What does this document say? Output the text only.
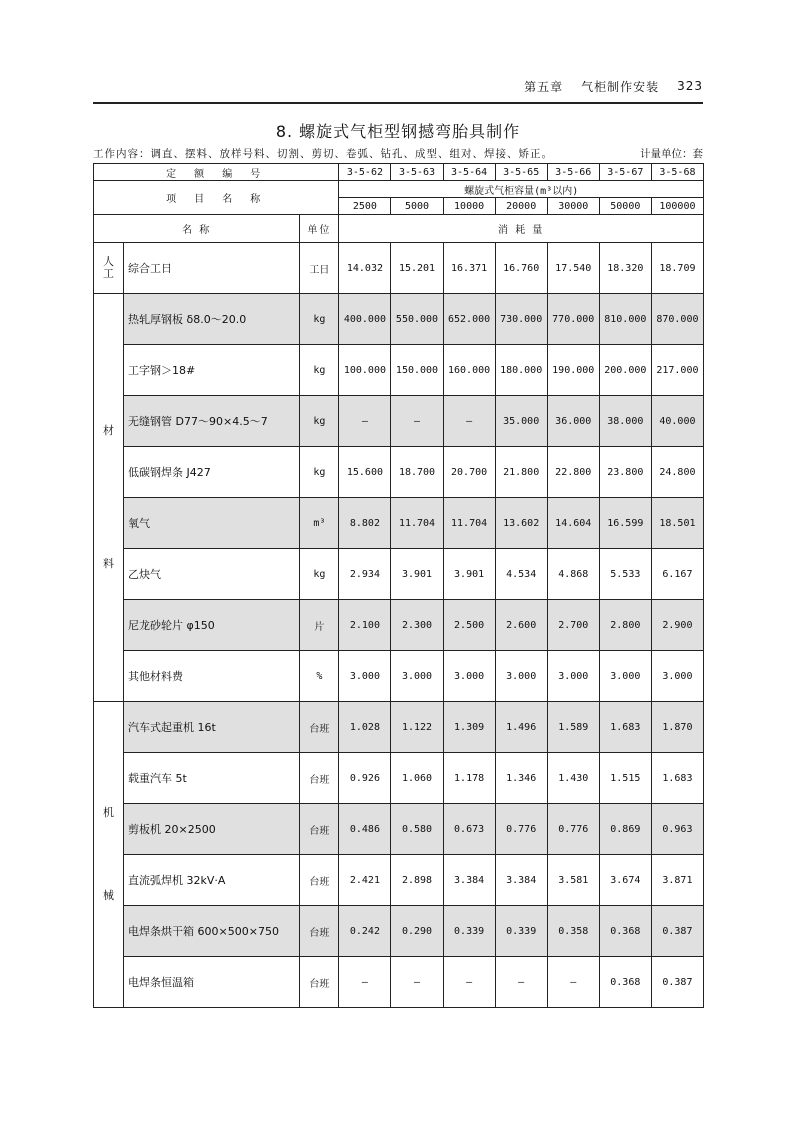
第五章 气柜制作安装 323
8. 螺旋式气柜型钢撼弯胎具制作
工作内容：调直、摆料、放样号料、切割、剪切、卷弧、钻孔、成型、组对、焊接、矫正。	计量单位：套
定 额 编 号			3-5-62	3-5-63	3-5-64	3-5-65	3-5-66	3-5-67	3-5-68
项 目 名 称			螺旋式气柜容量(m³以内)						
			2500	5000	10000	20000	30000	50000	100000
名 称		单位	消 耗 量						

人
工	综合工日	工日	14.032	15.201	16.371	16.760	17.540	18.320	18.709

材
料	热轧厚钢板 δ8.0～20.0	kg	400.000	550.000	652.000	730.000	770.000	810.000	870.000
	工字钢＞18#	kg	100.000	150.000	160.000	180.000	190.000	200.000	217.000
	无缝钢管 D77～90×4.5～7	kg	—	—	—	35.000	36.000	38.000	40.000
	低碳钢焊条 J427	kg	15.600	18.700	20.700	21.800	22.800	23.800	24.800
	氧气	m³	8.802	11.704	11.704	13.602	14.604	16.599	18.501
	乙炔气	kg	2.934	3.901	3.901	4.534	4.868	5.533	6.167
	尼龙砂轮片 φ150	片	2.100	2.300	2.500	2.600	2.700	2.800	2.900
	其他材料费	%	3.000	3.000	3.000	3.000	3.000	3.000	3.000

机
械	汽车式起重机 16t	台班	1.028	1.122	1.309	1.496	1.589	1.683	1.870
	载重汽车 5t	台班	0.926	1.060	1.178	1.346	1.430	1.515	1.683
	剪板机 20×2500	台班	0.486	0.580	0.673	0.776	0.776	0.869	0.963
	直流弧焊机 32kV·A	台班	2.421	2.898	3.384	3.384	3.581	3.674	3.871
	电焊条烘干箱 600×500×750	台班	0.242	0.290	0.339	0.339	0.358	0.368	0.387
	电焊条恒温箱	台班	—	—	—	—	—	0.368	0.387
